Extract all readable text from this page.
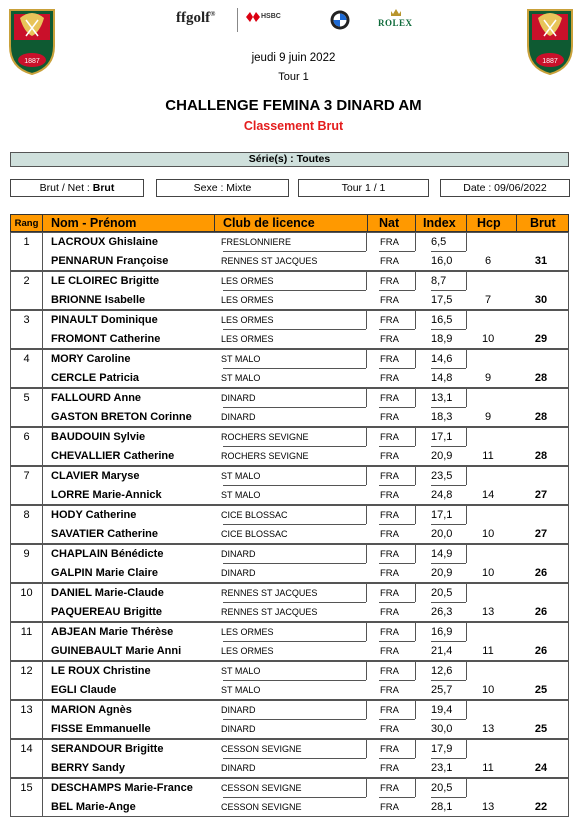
1887	1887
ffgolf®	HSBC
ROLEX
jeudi 9 juin 2022
Tour 1
CHALLENGE FEMINA 3 DINARD AM
Classement Brut
Série(s) : Toutes
Brut / Net : Brut	Sexe : Mixte	Tour 1 / 1	Date : 09/06/2022
Rang Nom - Prénom	Club de licence	Nat Index Hcp Brut
1	LACROUX Ghislaine	FRESLONNIERE	FRA	6,5
PENNARUN Françoise	RENNES ST JACQUES	FRA	16,0	6	31
2	LE CLOIREC Brigitte	LES ORMES	FRA	8,7
BRIONNE Isabelle	LES ORMES	FRA	17,5	7	30
3	PINAULT Dominique	LES ORMES	FRA	16,5
FROMONT Catherine	LES ORMES	FRA	18,9	10	29
4	MORY Caroline	ST MALO	FRA	14,6
CERCLE Patricia	ST MALO	FRA	14,8	9	28
5	FALLOURD Anne	DINARD	FRA	13,1
GASTON BRETON Corinne	DINARD	FRA	18,3	9	28
6	BAUDOUIN Sylvie	ROCHERS SEVIGNE	FRA	17,1
CHEVALLIER Catherine	ROCHERS SEVIGNE	FRA	20,9	11	28
7	CLAVIER Maryse	ST MALO	FRA	23,5
LORRE Marie-Annick	ST MALO	FRA	24,8	14	27
8	HODY Catherine	CICE BLOSSAC	FRA	17,1
SAVATIER Catherine	CICE BLOSSAC	FRA	20,0	10	27
9	CHAPLAIN Bénédicte	DINARD	FRA	14,9
GALPIN Marie Claire	DINARD	FRA	20,9	10	26
10	DANIEL Marie-Claude	RENNES ST JACQUES	FRA	20,5
PAQUEREAU Brigitte	RENNES ST JACQUES	FRA	26,3	13	26
11	ABJEAN Marie Thérèse	LES ORMES	FRA	16,9
GUINEBAULT Marie Anni	LES ORMES	FRA	21,4	11	26
12	LE ROUX Christine	ST MALO	FRA	12,6
EGLI Claude	ST MALO	FRA	25,7	10	25
13	MARION Agnès	DINARD	FRA	19,4
FISSE Emmanuelle	DINARD	FRA	30,0	13	25
14	SERANDOUR Brigitte	CESSON SEVIGNE	FRA	17,9
BERRY Sandy	DINARD	FRA	23,1	11	24
15	DESCHAMPS Marie-France	CESSON SEVIGNE	FRA	20,5
BEL Marie-Ange	CESSON SEVIGNE	FRA	28,1	13	22
